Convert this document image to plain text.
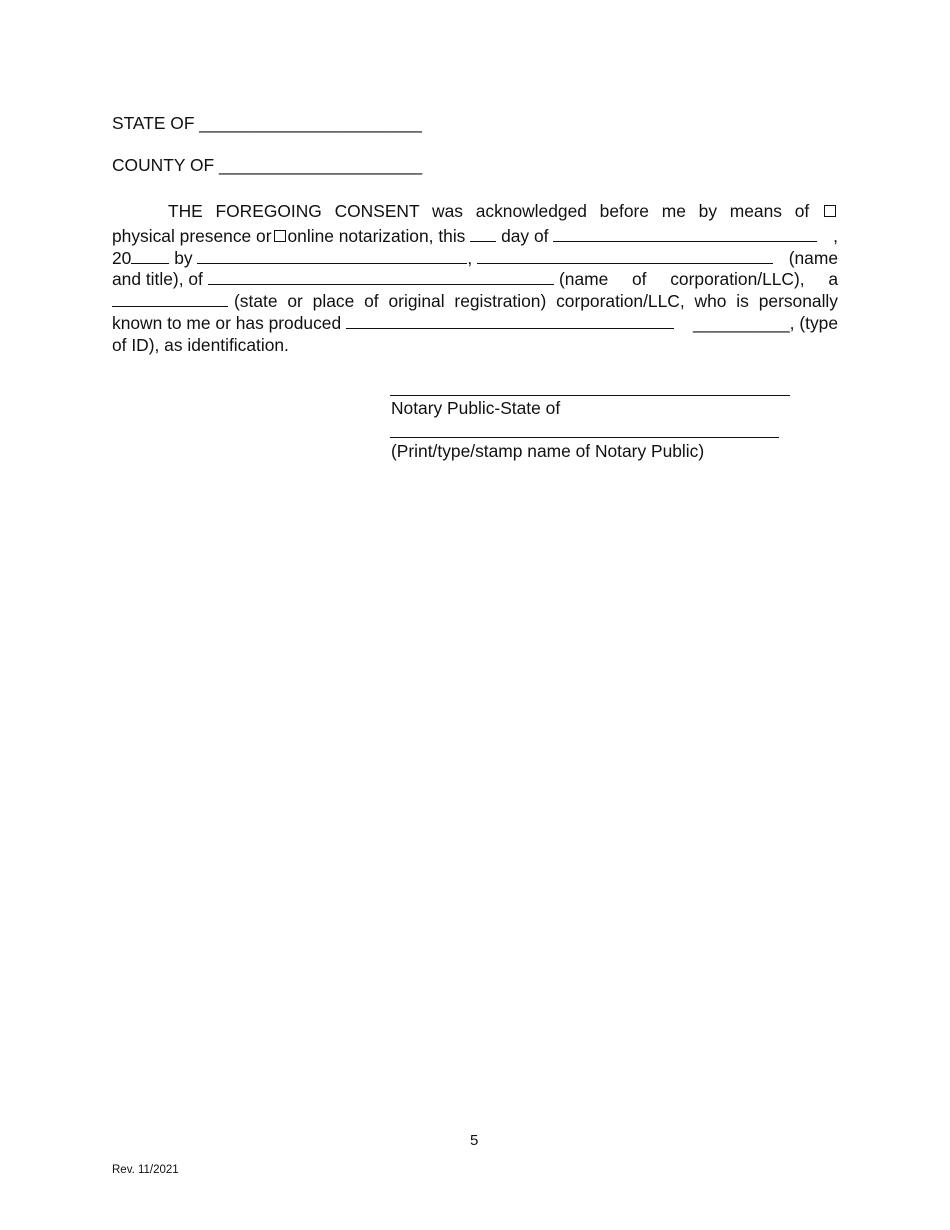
STATE OF _______________________
COUNTY OF _____________________
THE FOREGOING CONSENT was acknowledged before me by means of
physical presence or online notarization, this day of	,
20 by	,	(name
and title), of	(name of corporation/LLC), a
(state or place of original registration) corporation/LLC, who is personally
known to me or has produced	__________, (type
of ID), as identification.
Notary Public-State of
(Print/type/stamp name of Notary Public)
5
Rev. 11/2021
